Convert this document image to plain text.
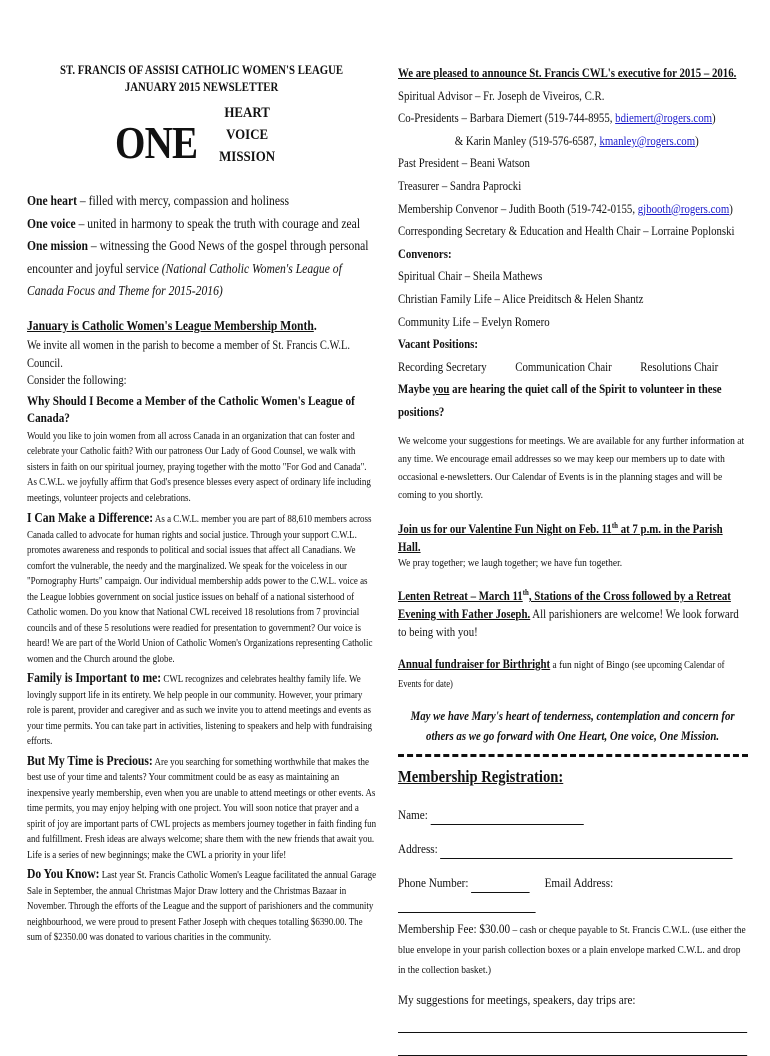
ST. FRANCIS OF ASSISI CATHOLIC WOMEN'S LEAGUE

JANUARY 2015 NEWSLETTER

ONE
HEART
VOICE
MISSION

One heart – filled with mercy, compassion and holiness

One voice – united in harmony to speak the truth with courage and zeal

One mission – witnessing the Good News of the gospel through personal encounter and joyful service (National Catholic Women's League of Canada Focus and Theme for 2015-2016)

January is Catholic Women's League Membership Month.

We invite all women in the parish to become a member of St. Francis C.W.L. Council.

Consider the following:

Why Should I Become a Member of the Catholic Women's League of Canada?

Would you like to join women from all across Canada in an organization that can foster and celebrate your Catholic faith? With our patroness Our Lady of Good Counsel, we walk with sisters in faith on our spiritual journey, praying together with the motto "For God and Canada". As C.W.L. we joyfully affirm that God's presence blesses every aspect of ordinary life including meetings, volunteer projects and celebrations.

I Can Make a Difference: As a C.W.L. member you are part of 88,610 members across Canada called to advocate for human rights and social justice. Through your support C.W.L. promotes awareness and responds to political and social issues that affect all Canadians. We comfort the vulnerable, the needy and the marginalized. We speak for the voiceless in our "Pornography Hurts" campaign. Our individual membership adds power to the C.W.L. voice as the League lobbies government on social justice issues on behalf of a national sisterhood of Catholic women. Do you know that National CWL received 18 resolutions from 7 provincial councils and of these 5 resolutions were readied for presentation to government? Our voice is heard! We are part of the World Union of Catholic Women's Organizations representing Catholic women and the Church around the globe.

Family is Important to me: CWL recognizes and celebrates healthy family life. We lovingly support life in its entirety. We help people in our community. However, your primary role is parent, provider and caregiver and as such we invite you to attend meetings and events as your time permits. You can take part in activities, listening to speakers and help with fundraising efforts.

But My Time is Precious: Are you searching for something worthwhile that makes the best use of your time and talents? Your commitment could be as easy as maintaining an inexpensive yearly membership, even when you are unable to attend meetings or other events. As time permits, you may enjoy helping with one project. You will soon notice that prayer and a spirit of joy are important parts of CWL projects as members journey together in faith finding fun and fulfillment. Fresh ideas are always welcome; share them with the new friends that await you. Life is a series of new beginnings; make the CWL a priority in your life!

Do You Know: Last year St. Francis Catholic Women's League facilitated the annual Garage Sale in September, the annual Christmas Major Draw lottery and the Christmas Bazaar in November. Through the efforts of the League and the support of parishioners and the community neighbourhood, we were proud to present Father Joseph with cheques totalling $6390.00. The sum of $2350.00 was donated to various charities in the community.

We are pleased to announce St. Francis CWL's executive for 2015 – 2016.

Spiritual Advisor – Fr. Joseph de Viveiros, C.R.

Co-Presidents – Barbara Diemert (519-744-8955, bdiemert@rogers.com)

& Karin Manley (519-576-6587, kmanley@rogers.com)

Past President – Beani Watson

Treasurer – Sandra Paprocki

Membership Convenor – Judith Booth (519-742-0155, gjbooth@rogers.com)

Corresponding Secretary & Education and Health Chair – Lorraine Poplonski

Convenors:

Spiritual Chair – Sheila Mathews

Christian Family Life – Alice Preiditsch & Helen Shantz

Community Life – Evelyn Romero

Vacant Positions:

Recording Secretary Communication Chair Resolutions Chair

Maybe you are hearing the quiet call of the Spirit to volunteer in these positions?

We welcome your suggestions for meetings. We are available for any further information at any time. We encourage email addresses so we may keep our members up to date with occasional e-newsletters. Our Calendar of Events is in the planning stages and will be coming to you shortly.

Join us for our Valentine Fun Night on Feb. 11th at 7 p.m. in the Parish Hall.

We pray together; we laugh together; we have fun together.

Lenten Retreat – March 11th, Stations of the Cross followed by a Retreat Evening with Father Joseph. All parishioners are welcome! We look forward to being with you!

Annual fundraiser for Birthright a fun night of Bingo (see upcoming Calendar of Events for date)

May we have Mary's heart of tenderness, contemplation and concern for others as we go forward with One Heart, One voice, One Mission.

Membership Registration:

Name:

Address:

Phone Number:	Email Address:

Membership Fee: $30.00 – cash or cheque payable to St. Francis C.W.L. (use either the blue envelope in your parish collection boxes or a plain envelope marked C.W.L. and drop in the collection basket.)

My suggestions for meetings, speakers, day trips are:
